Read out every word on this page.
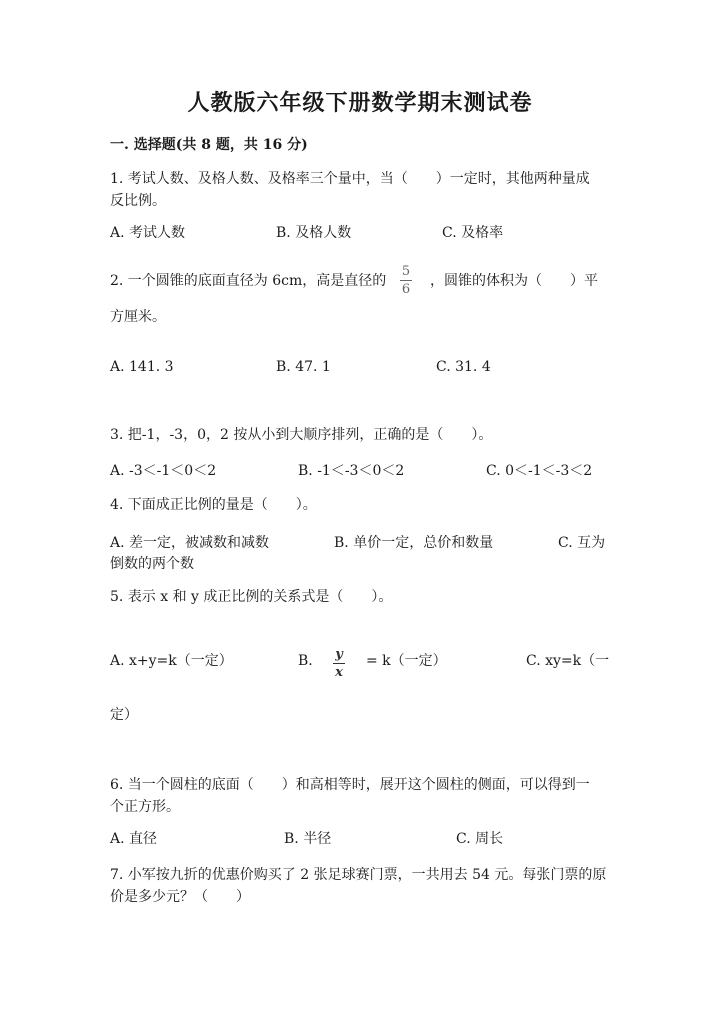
人教版六年级下册数学期末测试卷
一. 选择题(共 8 题，共 16 分)
1. 考试人数、及格人数、及格率三个量中，当（　　）一定时，其他两种量成
反比例。
A. 考试人数	B. 及格人数	C. 及格率
2. 一个圆锥的底面直径为 6cm，高是直径的
5
6
，圆锥的体积为（　　）平
方厘米。
A. 141. 3	B. 47. 1	C. 31. 4
3. 把-1，-3，0，2 按从小到大顺序排列，正确的是（　　）。
A. -3＜-1＜0＜2	B. -1＜-3＜0＜2	C. 0＜-1＜-3＜2
4. 下面成正比例的量是（　　）。
A. 差一定，被减数和减数	B. 单价一定，总价和数量	C. 互为
倒数的两个数
5. 表示 x 和 y 成正比例的关系式是（　　）。
A. x+y=k（一定）	B. y
x
= k（一定）	C. xy=k（一
定）
6. 当一个圆柱的底面（　　）和高相等时，展开这个圆柱的侧面，可以得到一
个正方形。
A. 直径	B. 半径	C. 周长
7. 小军按九折的优惠价购买了 2 张足球赛门票，一共用去 54 元。每张门票的原
价是多少元？（　　）
